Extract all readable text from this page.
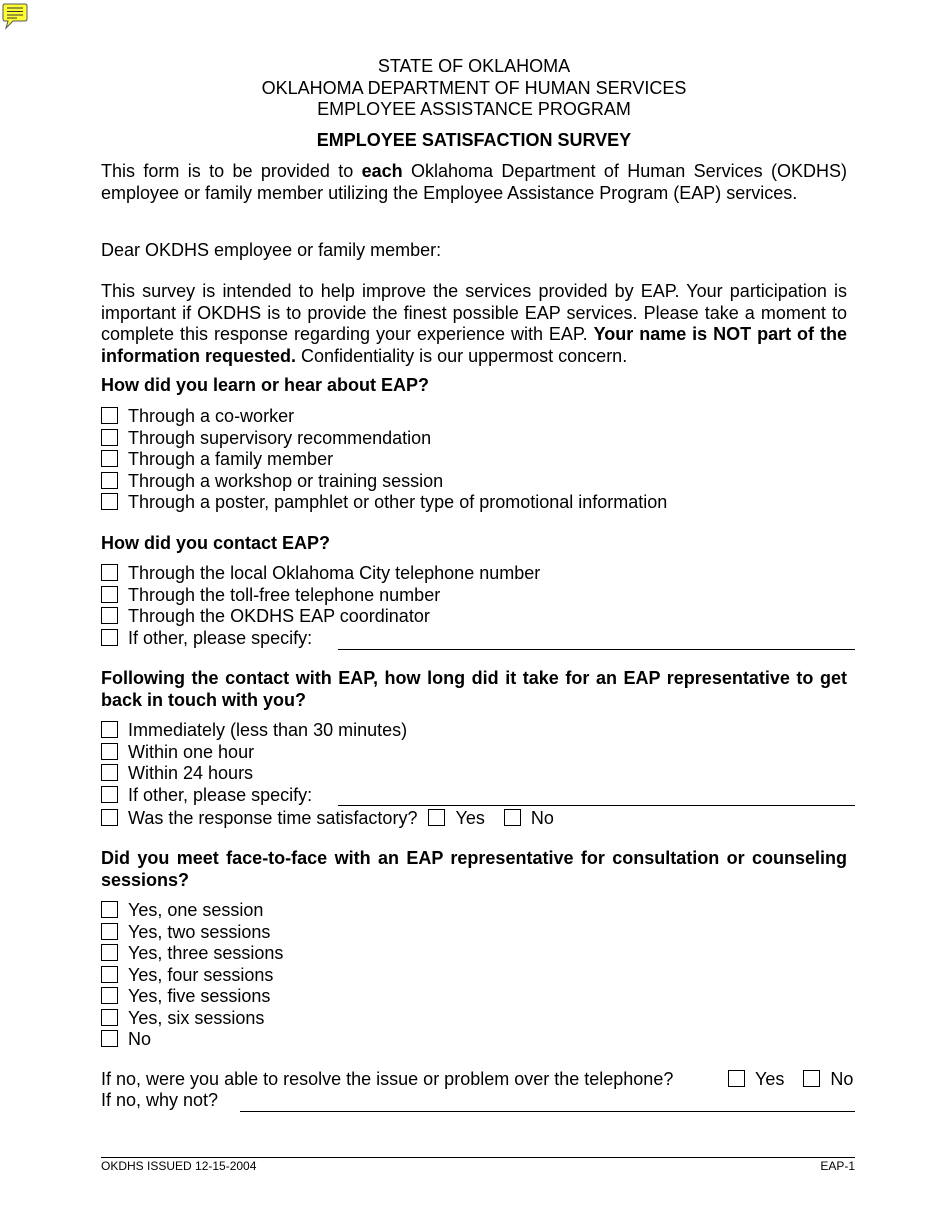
STATE OF OKLAHOMA
OKLAHOMA DEPARTMENT OF HUMAN SERVICES
EMPLOYEE ASSISTANCE PROGRAM
EMPLOYEE SATISFACTION SURVEY
This form is to be provided to each Oklahoma Department of Human Services (OKDHS) employee or family member utilizing the Employee Assistance Program (EAP) services.
Dear OKDHS employee or family member:
This survey is intended to help improve the services provided by EAP. Your participation is important if OKDHS is to provide the finest possible EAP services. Please take a moment to complete this response regarding your experience with EAP. Your name is NOT part of the information requested. Confidentiality is our uppermost concern.
How did you learn or hear about EAP?
Through a co-worker
Through supervisory recommendation
Through a family member
Through a workshop or training session
Through a poster, pamphlet or other type of promotional information
How did you contact EAP?
Through the local Oklahoma City telephone number
Through the toll-free telephone number
Through the OKDHS EAP coordinator
If other, please specify:
Following the contact with EAP, how long did it take for an EAP representative to get back in touch with you?
Immediately (less than 30 minutes)
Within one hour
Within 24 hours
If other, please specify:
Was the response time satisfactory? Yes	No
Did you meet face-to-face with an EAP representative for consultation or counseling sessions?
Yes, one session
Yes, two sessions
Yes, three sessions
Yes, four sessions
Yes, five sessions
Yes, six sessions
No
If no, were you able to resolve the issue or problem over the telephone?	Yes	No
If no, why not?
OKDHS ISSUED 12-15-2004	EAP-1
